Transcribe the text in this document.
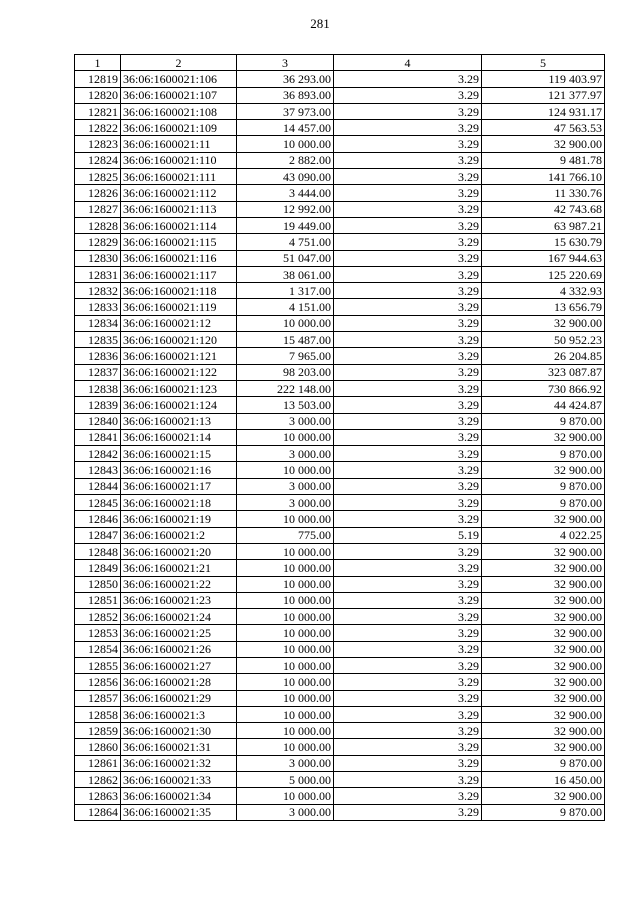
281
1	2	3	4	5
12819	36:06:1600021:106	36 293.00	3.29	119 403.97
12820	36:06:1600021:107	36 893.00	3.29	121 377.97
12821	36:06:1600021:108	37 973.00	3.29	124 931.17
12822	36:06:1600021:109	14 457.00	3.29	47 563.53
12823	36:06:1600021:11	10 000.00	3.29	32 900.00
12824	36:06:1600021:110	2 882.00	3.29	9 481.78
12825	36:06:1600021:111	43 090.00	3.29	141 766.10
12826	36:06:1600021:112	3 444.00	3.29	11 330.76
12827	36:06:1600021:113	12 992.00	3.29	42 743.68
12828	36:06:1600021:114	19 449.00	3.29	63 987.21
12829	36:06:1600021:115	4 751.00	3.29	15 630.79
12830	36:06:1600021:116	51 047.00	3.29	167 944.63
12831	36:06:1600021:117	38 061.00	3.29	125 220.69
12832	36:06:1600021:118	1 317.00	3.29	4 332.93
12833	36:06:1600021:119	4 151.00	3.29	13 656.79
12834	36:06:1600021:12	10 000.00	3.29	32 900.00
12835	36:06:1600021:120	15 487.00	3.29	50 952.23
12836	36:06:1600021:121	7 965.00	3.29	26 204.85
12837	36:06:1600021:122	98 203.00	3.29	323 087.87
12838	36:06:1600021:123	222 148.00	3.29	730 866.92
12839	36:06:1600021:124	13 503.00	3.29	44 424.87
12840	36:06:1600021:13	3 000.00	3.29	9 870.00
12841	36:06:1600021:14	10 000.00	3.29	32 900.00
12842	36:06:1600021:15	3 000.00	3.29	9 870.00
12843	36:06:1600021:16	10 000.00	3.29	32 900.00
12844	36:06:1600021:17	3 000.00	3.29	9 870.00
12845	36:06:1600021:18	3 000.00	3.29	9 870.00
12846	36:06:1600021:19	10 000.00	3.29	32 900.00
12847	36:06:1600021:2	775.00	5.19	4 022.25
12848	36:06:1600021:20	10 000.00	3.29	32 900.00
12849	36:06:1600021:21	10 000.00	3.29	32 900.00
12850	36:06:1600021:22	10 000.00	3.29	32 900.00
12851	36:06:1600021:23	10 000.00	3.29	32 900.00
12852	36:06:1600021:24	10 000.00	3.29	32 900.00
12853	36:06:1600021:25	10 000.00	3.29	32 900.00
12854	36:06:1600021:26	10 000.00	3.29	32 900.00
12855	36:06:1600021:27	10 000.00	3.29	32 900.00
12856	36:06:1600021:28	10 000.00	3.29	32 900.00
12857	36:06:1600021:29	10 000.00	3.29	32 900.00
12858	36:06:1600021:3	10 000.00	3.29	32 900.00
12859	36:06:1600021:30	10 000.00	3.29	32 900.00
12860	36:06:1600021:31	10 000.00	3.29	32 900.00
12861	36:06:1600021:32	3 000.00	3.29	9 870.00
12862	36:06:1600021:33	5 000.00	3.29	16 450.00
12863	36:06:1600021:34	10 000.00	3.29	32 900.00
12864	36:06:1600021:35	3 000.00	3.29	9 870.00
